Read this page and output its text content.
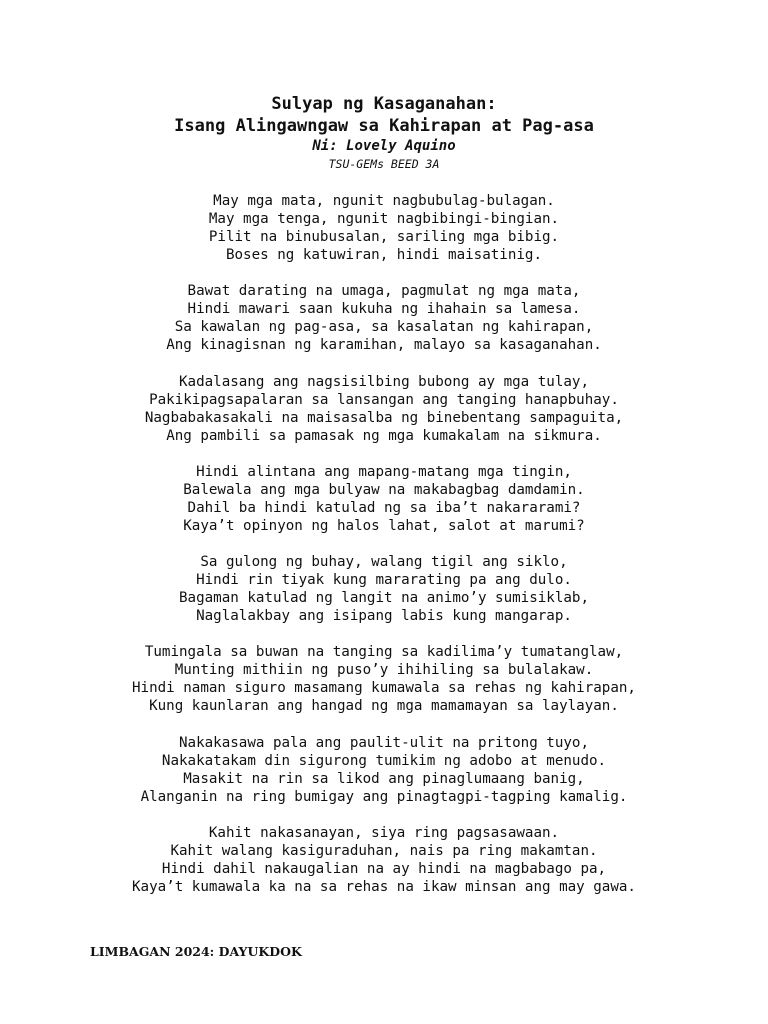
Sulyap ng Kasaganahan:
Isang Alingawngaw sa Kahirapan at Pag-asa
Ni: Lovely Aquino
TSU-GEMs BEED 3A
May mga mata, ngunit nagbubulag-bulagan.
May mga tenga, ngunit nagbibingi-bingian.
Pilit na binubusalan, sariling mga bibig.
Boses ng katuwiran, hindi maisatinig.
Bawat darating na umaga, pagmulat ng mga mata,
Hindi mawari saan kukuha ng ihahain sa lamesa.
Sa kawalan ng pag-asa, sa kasalatan ng kahirapan,
Ang kinagisnan ng karamihan, malayo sa kasaganahan.
Kadalasang ang nagsisilbing bubong ay mga tulay,
Pakikipagsapalaran sa lansangan ang tanging hanapbuhay.
Nagbabakasakali na maisasalba ng binebentang sampaguita,
Ang pambili sa pamasak ng mga kumakalam na sikmura.
Hindi alintana ang mapang-matang mga tingin,
Balewala ang mga bulyaw na makabagbag damdamin.
Dahil ba hindi katulad ng sa iba’t nakararami?
Kaya’t opinyon ng halos lahat, salot at marumi?
Sa gulong ng buhay, walang tigil ang siklo,
Hindi rin tiyak kung mararating pa ang dulo.
Bagaman katulad ng langit na animo’y sumisiklab,
Naglalakbay ang isipang labis kung mangarap.
Tumingala sa buwan na tanging sa kadilima’y tumatanglaw,
Munting mithiin ng puso’y ihihiling sa bulalakaw.
Hindi naman siguro masamang kumawala sa rehas ng kahirapan,
Kung kaunlaran ang hangad ng mga mamamayan sa laylayan.
Nakakasawa pala ang paulit-ulit na pritong tuyo,
Nakakatakam din sigurong tumikim ng adobo at menudo.
Masakit na rin sa likod ang pinaglumaang banig,
Alanganin na ring bumigay ang pinagtagpi-tagping kamalig.
Kahit nakasanayan, siya ring pagsasawaan.
Kahit walang kasiguraduhan, nais pa ring makamtan.
Hindi dahil nakaugalian na ay hindi na magbabago pa,
Kaya’t kumawala ka na sa rehas na ikaw minsan ang may gawa.
LIMBAGAN 2024: DAYUKDOK
